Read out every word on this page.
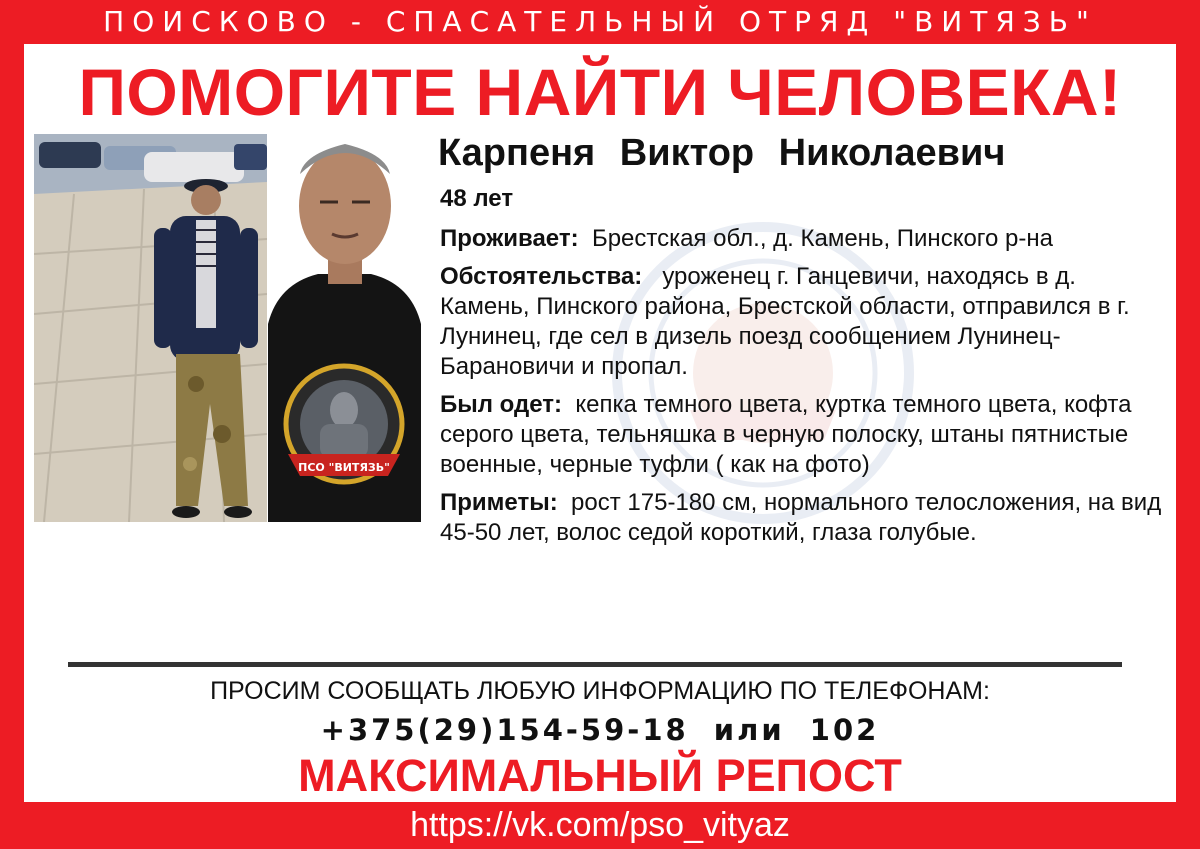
ПОИСКОВО - СПАСАТЕЛЬНЫЙ ОТРЯД "ВИТЯЗЬ"
ПОМОГИТЕ НАЙТИ ЧЕЛОВЕКА!
ПСО "ВИТЯЗЬ"
Карпеня Виктор Николаевич

48 лет

Проживает: Брестская обл., д. Камень, Пинского р-на

Обстоятельства: уроженец г. Ганцевичи, находясь в д. Камень, Пинского района, Брестской области, отправился в г. Лунинец, где сел в дизель поезд сообщением Лунинец-Барановичи и пропал.

Был одет: кепка темного цвета, куртка темного цвета, кофта серого цвета, тельняшка в черную полоску, штаны пятнистые военные, черные туфли ( как на фото)

Приметы: рост 175-180 см, нормального телосложения, на вид 45-50 лет, волос седой короткий, глаза голубые.

ПРОСИМ СООБЩАТЬ ЛЮБУЮ ИНФОРМАЦИЮ ПО ТЕЛЕФОНАМ:
+375(29)154-59-18 или 102
МАКСИМАЛЬНЫЙ РЕПОСТ
https://vk.com/pso_vityaz
